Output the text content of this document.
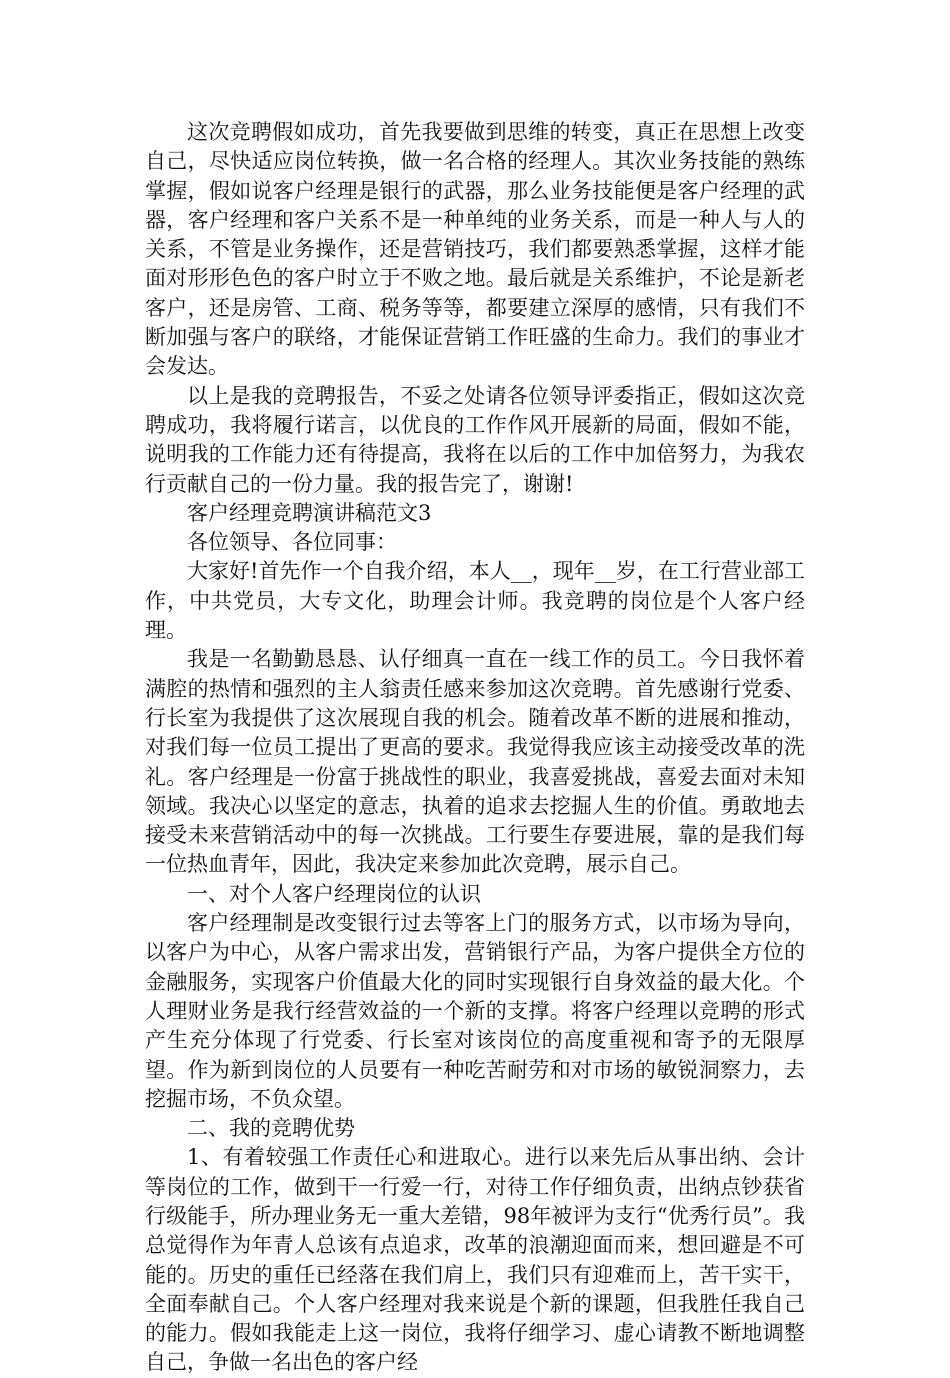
这次竞聘假如成功，首先我要做到思维的转变，真正在思想上改变自己，尽快适应岗位转换，做一名合格的经理人。其次业务技能的熟练掌握，假如说客户经理是银行的武器，那么业务技能便是客户经理的武器，客户经理和客户关系不是一种单纯的业务关系，而是一种人与人的关系，不管是业务操作，还是营销技巧，我们都要熟悉掌握，这样才能面对形形色色的客户时立于不败之地。最后就是关系维护，不论是新老客户，还是房管、工商、税务等等，都要建立深厚的感情，只有我们不断加强与客户的联络，才能保证营销工作旺盛的生命力。我们的事业才会发达。

以上是我的竞聘报告，不妥之处请各位领导评委指正，假如这次竞聘成功，我将履行诺言，以优良的工作作风开展新的局面，假如不能，说明我的工作能力还有待提高，我将在以后的工作中加倍努力，为我农行贡献自己的一份力量。我的报告完了，谢谢!

客户经理竞聘演讲稿范文3

各位领导、各位同事：

大家好!首先作一个自我介绍，本人__，现年__岁，在工行营业部工作，中共党员，大专文化，助理会计师。我竞聘的岗位是个人客户经理。

我是一名勤勤恳恳、认仔细真一直在一线工作的员工。今日我怀着满腔的热情和强烈的主人翁责任感来参加这次竞聘。首先感谢行党委、行长室为我提供了这次展现自我的机会。随着改革不断的进展和推动，对我们每一位员工提出了更高的要求。我觉得我应该主动接受改革的洗礼。客户经理是一份富于挑战性的职业，我喜爱挑战，喜爱去面对未知领域。我决心以坚定的意志，执着的追求去挖掘人生的价值。勇敢地去接受未来营销活动中的每一次挑战。工行要生存要进展，靠的是我们每一位热血青年，因此，我决定来参加此次竞聘，展示自己。

一、对个人客户经理岗位的认识

客户经理制是改变银行过去等客上门的服务方式，以市场为导向，以客户为中心，从客户需求出发，营销银行产品，为客户提供全方位的金融服务，实现客户价值最大化的同时实现银行自身效益的最大化。个人理财业务是我行经营效益的一个新的支撑。将客户经理以竞聘的形式产生充分体现了行党委、行长室对该岗位的高度重视和寄予的无限厚望。作为新到岗位的人员要有一种吃苦耐劳和对市场的敏锐洞察力，去挖掘市场，不负众望。

二、我的竞聘优势

1、有着较强工作责任心和进取心。进行以来先后从事出纳、会计等岗位的工作，做到干一行爱一行，对待工作仔细负责，出纳点钞获省行级能手，所办理业务无一重大差错，98年被评为支行“优秀行员”。我总觉得作为年青人总该有点追求，改革的浪潮迎面而来，想回避是不可能的。历史的重任已经落在我们肩上，我们只有迎难而上，苦干实干，全面奉献自己。个人客户经理对我来说是个新的课题，但我胜任我自己的能力。假如我能走上这一岗位，我将仔细学习、虚心请教不断地调整自己，争做一名出色的客户经
